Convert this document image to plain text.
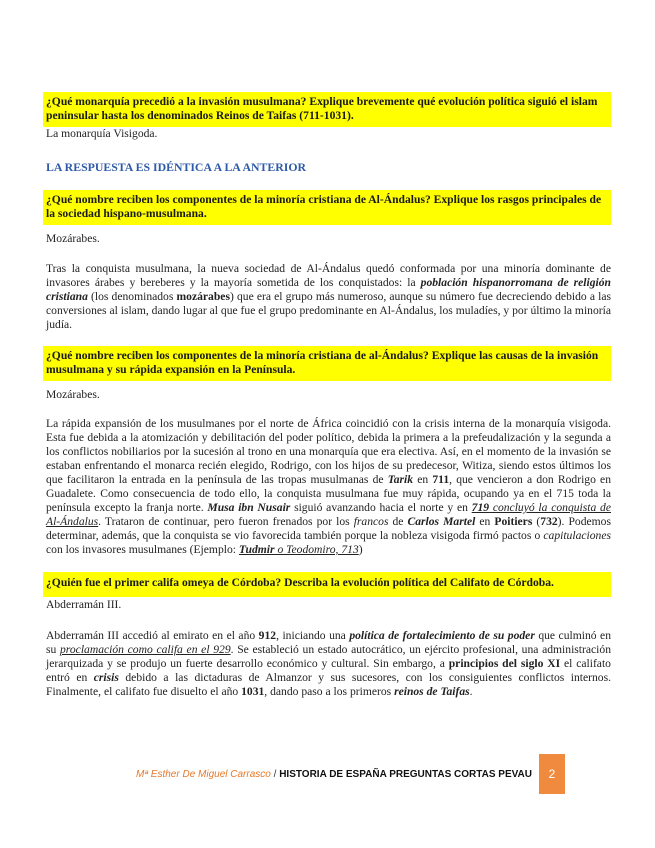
¿Qué monarquía precedió a la invasión musulmana? Explique brevemente qué evolución política siguió el islam peninsular hasta los denominados Reinos de Taifas (711-1031).
La monarquía Visigoda.
LA RESPUESTA ES IDÉNTICA A LA ANTERIOR
¿Qué nombre reciben los componentes de la minoría cristiana de Al-Ándalus? Explique los rasgos principales de la sociedad hispano-musulmana.
Mozárabes.
Tras la conquista musulmana, la nueva sociedad de Al-Ándalus quedó conformada por una minoría dominante de invasores árabes y bereberes y la mayoría sometida de los conquistados: la población hispanorromana de religión cristiana (los denominados mozárabes) que era el grupo más numeroso, aunque su número fue decreciendo debido a las conversiones al islam, dando lugar al que fue el grupo predominante en Al-Ándalus, los muladíes, y por último la minoría judía.
¿Qué nombre reciben los componentes de la minoría cristiana de al-Ándalus? Explique las causas de la invasión musulmana y su rápida expansión en la Península.
Mozárabes.
La rápida expansión de los musulmanes por el norte de África coincidió con la crisis interna de la monarquía visigoda. Esta fue debida a la atomización y debilitación del poder político, debida la primera a la prefeudalización y la segunda a los conflictos nobiliarios por la sucesión al trono en una monarquía que era electiva. Así, en el momento de la invasión se estaban enfrentando el monarca recién elegido, Rodrigo, con los hijos de su predecesor, Witiza, siendo estos últimos los que facilitaron la entrada en la península de las tropas musulmanas de Tarik en 711, que vencieron a don Rodrigo en Guadalete. Como consecuencia de todo ello, la conquista musulmana fue muy rápida, ocupando ya en el 715 toda la península excepto la franja norte. Musa ibn Nusair siguió avanzando hacia el norte y en 719 concluyó la conquista de Al-Ándalus. Trataron de continuar, pero fueron frenados por los francos de Carlos Martel en Poitiers (732). Podemos determinar, además, que la conquista se vio favorecida también porque la nobleza visigoda firmó pactos o capitulaciones con los invasores musulmanes (Ejemplo: Tudmir o Teodomiro, 713)
¿Quién fue el primer califa omeya de Córdoba? Describa la evolución política del Califato de Córdoba.
Abderramán III.
Abderramán III accedió al emirato en el año 912, iniciando una política de fortalecimiento de su poder que culminó en su proclamación como califa en el 929. Se estableció un estado autocrático, un ejército profesional, una administración jerarquizada y se produjo un fuerte desarrollo económico y cultural. Sin embargo, a principios del siglo XI el califato entró en crisis debido a las dictaduras de Almanzor y sus sucesores, con los consiguientes conflictos internos. Finalmente, el califato fue disuelto el año 1031, dando paso a los primeros reinos de Taifas.
Mª Esther De Miguel Carrasco / HISTORIA DE ESPAÑA PREGUNTAS CORTAS PEVAU	2
